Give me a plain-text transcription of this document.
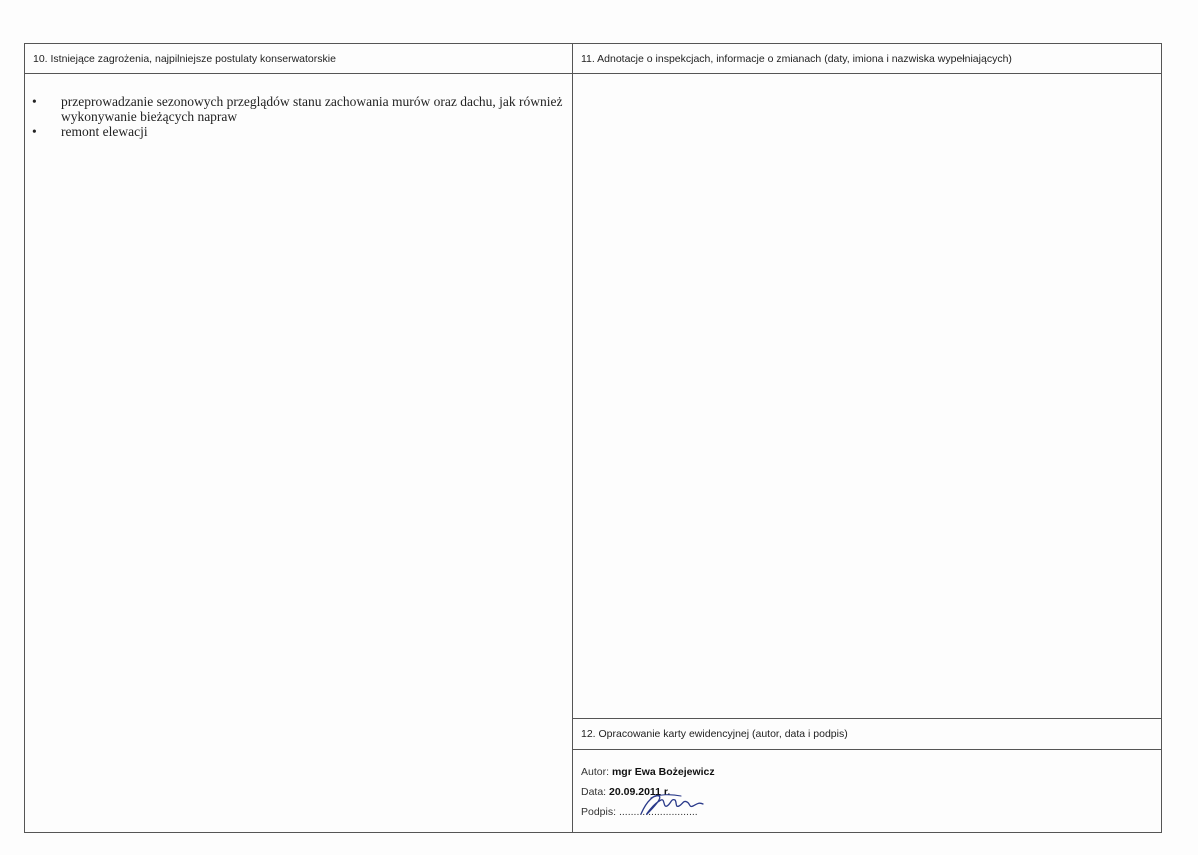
10. Istniejące zagrożenia, najpilniejsze postulaty konserwatorskie	11. Adnotacje o inspekcjach, informacje o zmianach (daty, imiona i nazwiska wypełniających)
• przeprowadzanie sezonowych przeglądów stanu zachowania murów oraz dachu, jak również wykonywanie bieżących napraw
• remont elewacji
12. Opracowanie karty ewidencyjnej (autor, data i podpis)
Autor: mgr Ewa Bożejewicz
Data: 20.09.2011 r.
Podpis: ...........................
